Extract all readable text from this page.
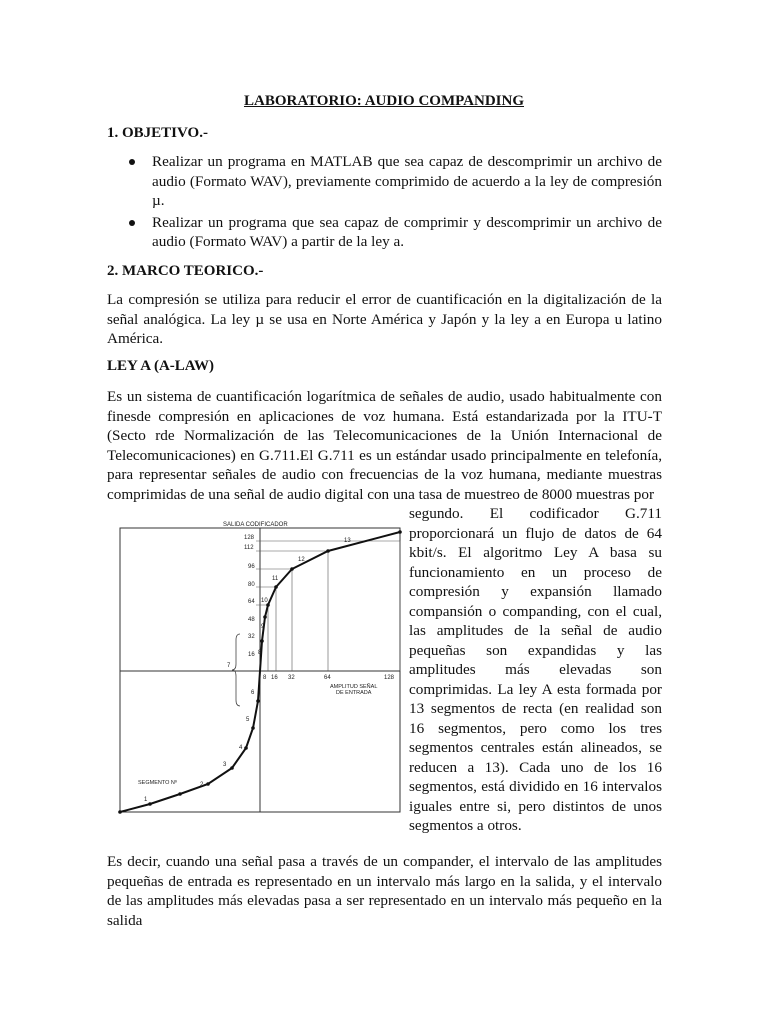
LABORATORIO: AUDIO COMPANDING
1. OBJETIVO.-
Realizar un programa en MATLAB que sea capaz de descomprimir un archivo de audio (Formato WAV), previamente comprimido de acuerdo a la ley de compresión µ.
Realizar un programa que sea capaz de comprimir y descomprimir un archivo de audio (Formato WAV) a partir de la ley a.
2. MARCO TEORICO.-
La compresión se utiliza para reducir el error de cuantificación en la digitalización de la señal analógica. La ley µ se usa en Norte América y Japón y la ley a en Europa u latino América.
LEY A (A-LAW)
Es un sistema de cuantificación logarítmica de señales de audio, usado habitualmente con finesde compresión en aplicaciones de voz humana. Está estandarizada por la ITU-T (Secto rde Normalización de las Telecomunicaciones de la Unión Internacional de Telecomunicaciones) en G.711.El G.711 es un estándar usado principalmente en telefonía, para representar señales de audio con frecuencias de la voz humana, mediante muestras comprimidas de una señal de audio digital con una tasa de muestreo de 8000 muestras por
segundo. El codificador G.711 proporcionará un flujo de datos de 64 kbit/s. El algoritmo Ley A basa su funcionamiento en un proceso de compresión y expansión llamado compansión o companding, con el cual, las amplitudes de la señal de audio pequeñas son expandidas y las amplitudes más elevadas son comprimidas. La ley A esta formada por 13 segmentos de recta (en realidad son 16 segmentos, pero como los tres segmentos centrales están alineados, se reducen a 13). Cada uno de los 16 segmentos, está dividido en 16 intervalos iguales entre si, pero distintos de unos segmentos a otros.
SALIDA CODIFICADOR
128
112
96
80
64
48
32
16
8 16 32	64	128
AMPLITUD SEÑAL
DE ENTRADA
SEGMENTO Nº
1
2
3
4
5
6
7
8
9
10
11
12
13
Es decir, cuando una señal pasa a través de un compander, el intervalo de las amplitudes pequeñas de entrada es representado en un intervalo más largo en la salida, y el intervalo de las amplitudes más elevadas pasa a ser representado en un intervalo más pequeño en la salida
